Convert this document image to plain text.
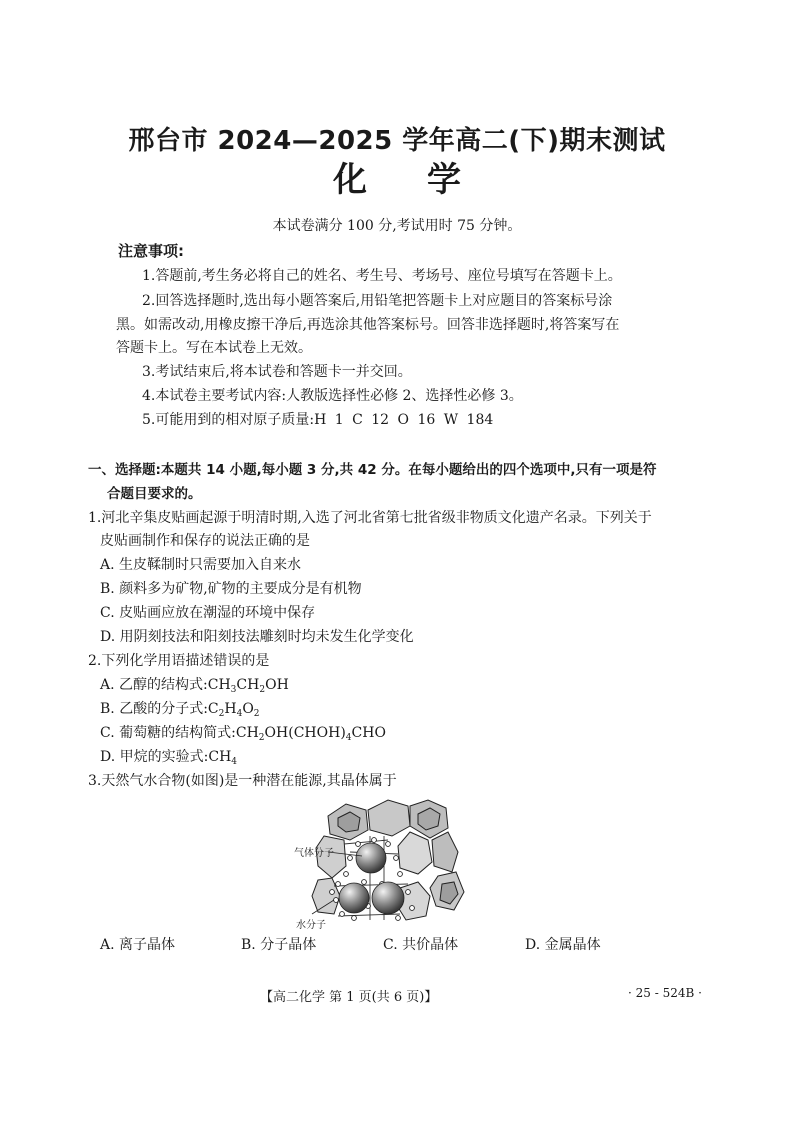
邢台市 2024—2025 学年高二(下)期末测试
化学
本试卷满分 100 分,考试用时 75 分钟。
注意事项:
1.答题前,考生务必将自己的姓名、考生号、考场号、座位号填写在答题卡上。
2.回答选择题时,选出每小题答案后,用铅笔把答题卡上对应题目的答案标号涂
黑。如需改动,用橡皮擦干净后,再选涂其他答案标号。回答非选择题时,将答案写在
答题卡上。写在本试卷上无效。
3.考试结束后,将本试卷和答题卡一并交回。
4.本试卷主要考试内容:人教版选择性必修 2、选择性必修 3。
5.可能用到的相对原子质量:H 1 C 12 O 16 W 184
一、选择题:本题共 14 小题,每小题 3 分,共 42 分。在每小题给出的四个选项中,只有一项是符
合题目要求的。
1.河北辛集皮贴画起源于明清时期,入选了河北省第七批省级非物质文化遗产名录。下列关于
皮贴画制作和保存的说法正确的是
A. 生皮鞣制时只需要加入自来水
B. 颜料多为矿物,矿物的主要成分是有机物
C. 皮贴画应放在潮湿的环境中保存
D. 用阴刻技法和阳刻技法雕刻时均未发生化学变化
2.下列化学用语描述错误的是
A. 乙醇的结构式$:CH_3CH_2OH$
B. 乙酸的分子式$:C_2H_4O_2$
C. 葡萄糖的结构简式$:CH_2OH(CHOH)_4CHO$
D. 甲烷的实验式$:CH_4$
3.天然气水合物(如图)是一种潜在能源,其晶体属于
气体分子
水分子
A. 离子晶体	B. 分子晶体	C. 共价晶体	D. 金属晶体
【高二化学 第 1 页(共 6 页)】	· 25 - 524B ·
